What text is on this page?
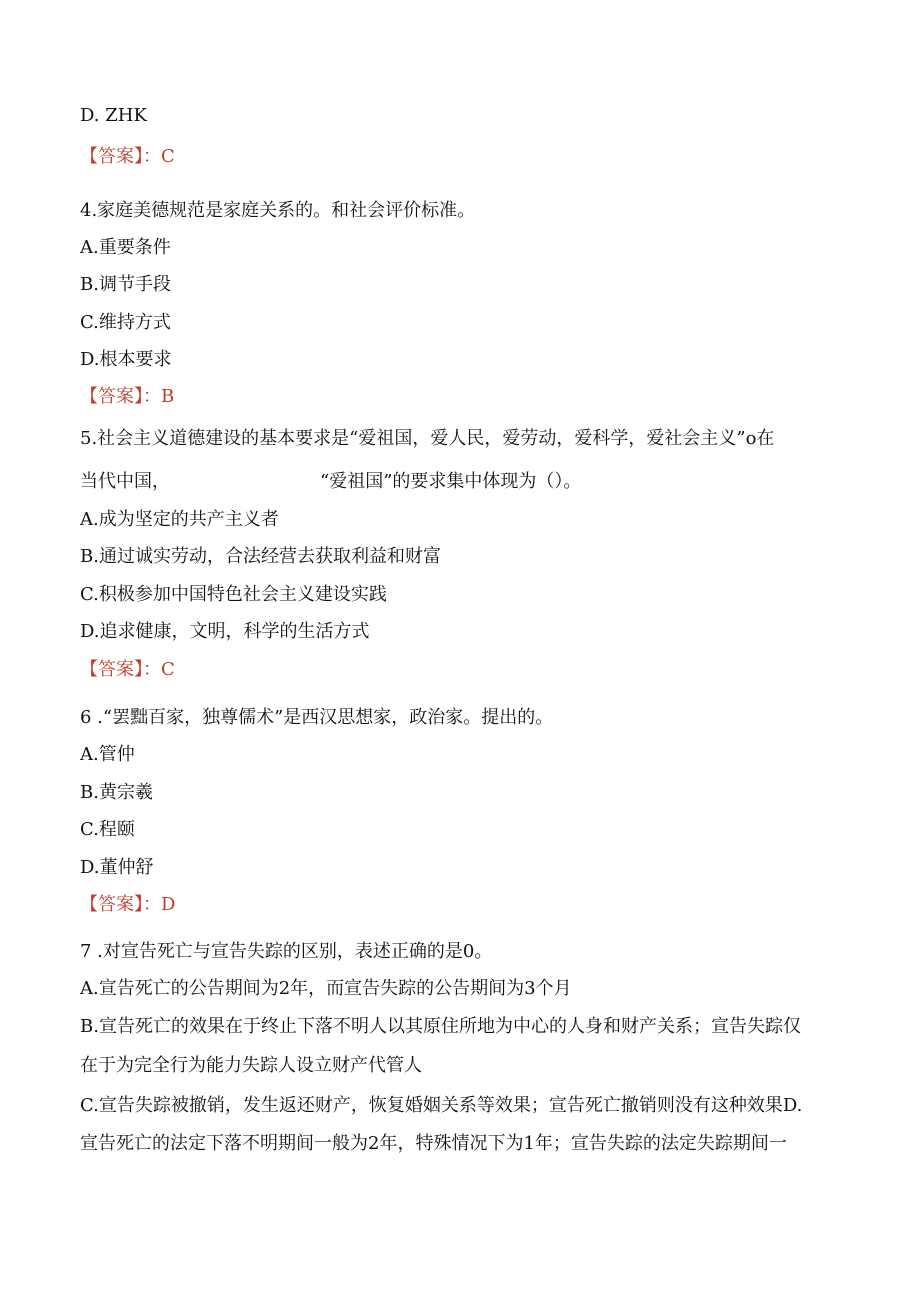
D. ZHK
【答案】：C
4.家庭美德规范是家庭关系的。和社会评价标准。
A.重要条件
B.调节手段
C.维持方式
D.根本要求
【答案】：B
5.社会主义道德建设的基本要求是“爱祖国，爱人民，爱劳动，爱科学，爱社会主义”o在
当代中国，	“爱祖国”的要求集中体现为（）。
A.成为坚定的共产主义者
B.通过诚实劳动，合法经营去获取利益和财富
C.积极参加中国特色社会主义建设实践
D.追求健康，文明，科学的生活方式
【答案】：C
6 .“罢黜百家，独尊儒术”是西汉思想家，政治家。提出的。
A.管仲
B.黄宗羲
C.程颐
D.董仲舒
【答案】：D
7 .对宣告死亡与宣告失踪的区别，表述正确的是0。
A.宣告死亡的公告期间为2年，而宣告失踪的公告期间为3个月
B.宣告死亡的效果在于终止下落不明人以其原住所地为中心的人身和财产关系；宣告失踪仅
在于为完全行为能力失踪人设立财产代管人
C.宣告失踪被撤销，发生返还财产，恢复婚姻关系等效果；宣告死亡撤销则没有这种效果D.
宣告死亡的法定下落不明期间一般为2年，特殊情况下为1年；宣告失踪的法定失踪期间一
